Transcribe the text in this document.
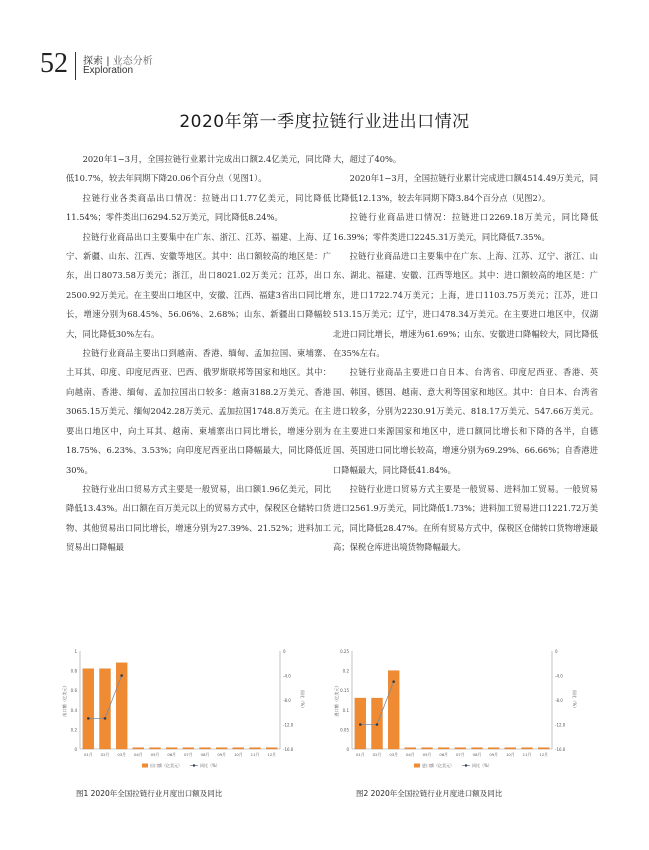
52 探索 | 业态分析
Exploration
2020年第一季度拉链行业进出口情况

2020年1−3月，全国拉链行业累计完成出口额2.4亿美元，同比降低10.7%，较去年同期下降20.06个百分点（见图1）。

拉链行业各类商品出口情况：拉链出口1.77亿美元，同比降低11.54%；零件类出口6294.52万美元，同比降低8.24%。

拉链行业商品出口主要集中在广东、浙江、江苏、福建、上海、辽宁、新疆、山东、江西、安徽等地区。其中：出口额较高的地区是：广东，出口8073.58万美元；浙江，出口8021.02万美元；江苏，出口2500.92万美元。在主要出口地区中，安徽、江西、福建3省出口同比增长，增速分别为68.45%、56.06%、2.68%；山东、新疆出口降幅较大，同比降低30%左右。

拉链行业商品主要出口到越南、香港、缅甸、孟加拉国、柬埔寨、土耳其、印度、印度尼西亚、巴西、俄罗斯联邦等国家和地区。其中：向越南、香港、缅甸、孟加拉国出口较多：越南3188.2万美元、香港3065.15万美元、缅甸2042.28万美元、孟加拉国1748.8万美元。在主要出口地区中，向土耳其、越南、柬埔寨出口同比增长，增速分别为18.75%、6.23%、3.53%；向印度尼西亚出口降幅最大，同比降低近30%。

拉链行业出口贸易方式主要是一般贸易，出口额1.96亿美元，同比降低13.43%。出口额在百万美元以上的贸易方式中，保税区仓储转口货物、其他贸易出口同比增长，增速分别为27.39%、21.52%；进料加工贸易出口降幅最

大，超过了40%。

2020年1−3月，全国拉链行业累计完成进口额4514.49万美元，同比降低12.13%，较去年同期下降3.84个百分点（见图2）。

拉链行业商品进口情况：拉链进口2269.18万美元，同比降低16.39%；零件类进口2245.31万美元，同比降低7.35%。

拉链行业商品进口主要集中在广东、上海、江苏、辽宁、浙江、山东、湖北、福建、安徽、江西等地区。其中：进口额较高的地区是：广东，进口1722.74万美元；上海，进口1103.75万美元；江苏，进口513.15万美元；辽宁，进口478.34万美元。在主要进口地区中，仅湖北进口同比增长，增速为61.69%；山东、安徽进口降幅较大，同比降低在35%左右。

拉链行业商品主要进口自日本、台湾省、印度尼西亚、香港、英国、韩国、德国、越南、意大利等国家和地区。其中：自日本、台湾省进口较多，分别为2230.91万美元、818.17万美元、547.66万美元。在主要进口来源国家和地区中，进口额同比增长和下降的各半，自德国、英国进口同比增长较高，增速分别为69.29%、66.66%；自香港进口降幅最大，同比降低41.84%。

拉链行业进口贸易方式主要是一般贸易、进料加工贸易。一般贸易进口2561.9万美元，同比降低1.73%；进料加工贸易进口1221.72万美元，同比降低28.47%。在所有贸易方式中，保税区仓储转口货物增速最高；保税仓库进出境货物降幅最大。

0
0.2
0.4
0.6
0.8
1
-16.0
-12.0
-8.0
-4.0
0
出口额（亿美元）	同比（%）
01月 02月 03月 04月 05月 06月 07月 08月 09月 10月 11月 12月
出口额（亿美元）	同比（%）
图1 2020年全国拉链行业月度出口额及同比
0
0.05
0.1
0.15
0.2
0.25
-16.0
-12.0
-8.0
-4.0
0
进口额（亿美元）	同比（%）
01月 02月 03月 04月 05月 06月 07月 08月 09月 10月 11月 12月
进口额（亿美元）	同比（%）
图2 2020年全国拉链行业月度进口额及同比
